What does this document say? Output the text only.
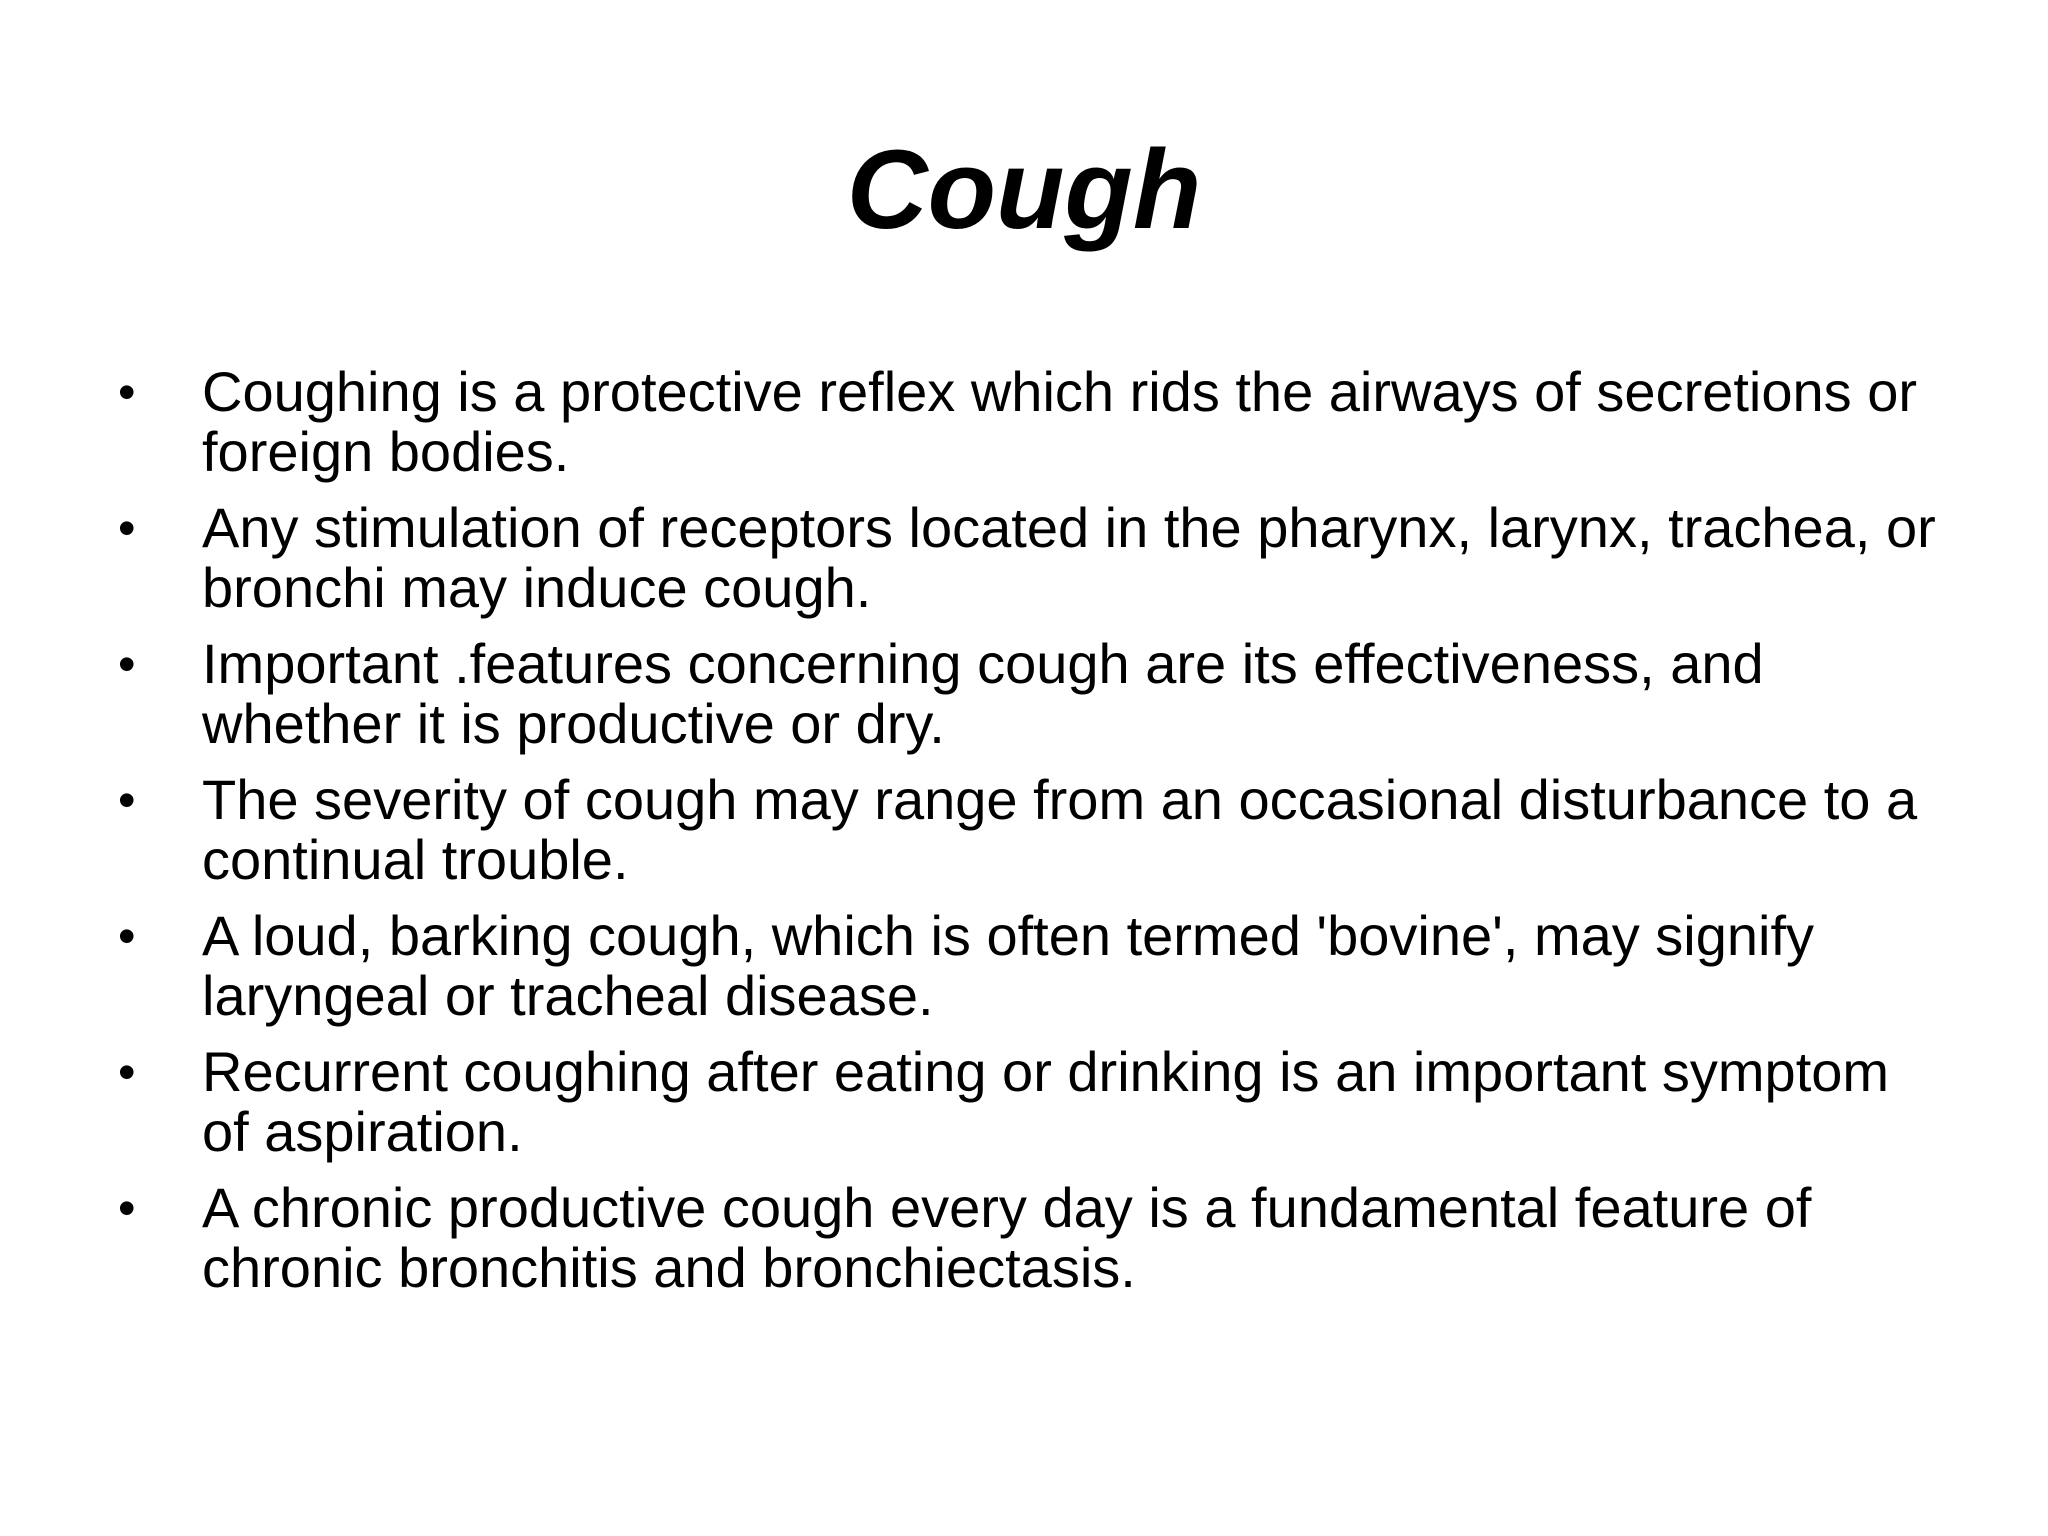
Cough
•	Coughing is a protective reflex which rids the airways of secretions or foreign bodies.
•	Any stimulation of receptors located in the pharynx, larynx, trachea, or bronchi may induce cough.
•	Important .features concerning cough are its effectiveness, and whether it is productive or dry.
•	The severity of cough may range from an occasional disturbance to a continual trouble.
•	A loud, barking cough, which is often termed 'bovine', may signify laryngeal or tracheal disease.
•	Recurrent coughing after eating or drinking is an important symptom of aspiration.
•	A chronic productive cough every day is a fundamental feature of chronic bronchitis and bronchiectasis.
